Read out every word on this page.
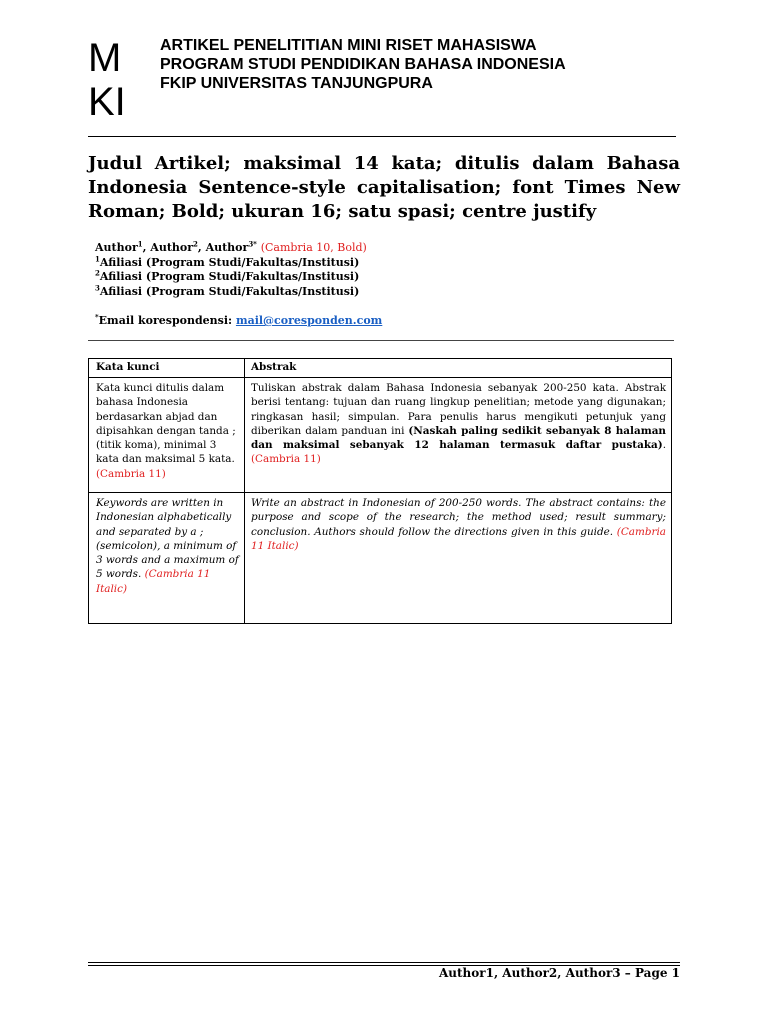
M
KI
ARTIKEL PENELITITIAN MINI RISET MAHASISWA
PROGRAM STUDI PENDIDIKAN BAHASA INDONESIA
FKIP UNIVERSITAS TANJUNGPURA
Judul Artikel; maksimal 14 kata; ditulis dalam Bahasa Indonesia Sentence-style capitalisation; font Times New Roman; Bold; ukuran 16; satu spasi; centre justify
Author$^1$, Author$^2$, Author$^{3*}$ (Cambria 10, Bold)
$^1$Afiliasi (Program Studi/Fakultas/Institusi)
$^2$Afiliasi (Program Studi/Fakultas/Institusi)
$^3$Afiliasi (Program Studi/Fakultas/Institusi)
*Email korespondensi: mail@coresponden.com
Kata kunci	Abstrak
Kata kunci ditulis dalam bahasa Indonesia berdasarkan abjad dan dipisahkan dengan tanda ; (titik koma), minimal 3 kata dan maksimal 5 kata. (Cambria 11)
Tuliskan abstrak dalam Bahasa Indonesia sebanyak 200-250 kata. Abstrak berisi tentang: tujuan dan ruang lingkup penelitian; metode yang digunakan; ringkasan hasil; simpulan. Para penulis harus mengikuti petunjuk yang diberikan dalam panduan ini (Naskah paling sedikit sebanyak 8 halaman dan maksimal sebanyak 12 halaman termasuk daftar pustaka). (Cambria 11)
Keywords are written in Indonesian alphabetically and separated by a ; (semicolon), a minimum of 3 words and a maximum of 5 words. (Cambria 11 Italic)
Write an abstract in Indonesian of 200-250 words. The abstract contains: the purpose and scope of the research; the method used; result summary; conclusion. Authors should follow the directions given in this guide. (Cambria 11 Italic)
Author1, Author2, Author3 – Page 1
